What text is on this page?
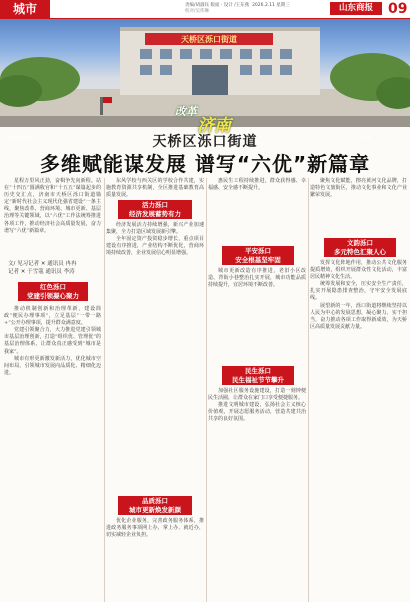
城市	责编/胡淑钰 版面 · 设计 /王东燕 2026.2.11 星期三
校对/吴伟琳	山东商报	09
天桥区泺口街道
泺口街道办事处	胡丁/摄
改革
济南
天桥区泺口街道
多维赋能谋发展 谱写“六优”新篇章

星程万里风正劲，奋楫争先向新程。站在“十四五”圆满收官和“十五五”谋篇起步的历史交汇点，济南市天桥区泺口街道锚定“新时代社会主义现代化强省建设”一条主线，聚焦改革、营商环境、城市更新、基层治理等关键领域，以“六优”工作法统筹推进各项工作，推动经济社会高质量发展，奋力谱写“六优”新篇章。

文/ 见习记者 ✕ 通讯员 冉冉
记者 ✕ 于雪蔻 通讯员 李涛
红色泺口
党建引领凝心聚力

推动机制创新和治理革新，建设简政“便民办理事项”，立足基层“一带一路+”公开办理事项，提升群众满意度。

党建引领聚合力，大力推进党建引领城市基层治理创新，打造“组织优、管理优”的基层治理体系，让群众真正感受到“城市是我家”。

城市有形更新激发新活力，优化城市空间布局，引领城市发展向品质化、精细化迈进。

东风学校与西关区的学校合作共建，实施教育资源共享机制，全区推进基础教育高质量发展。

活力泺口
经济发展蓄势有力

经济发展活力持续增强，新兴产业加速集聚，全力打造区域发展新引擎。

全年固定资产投资稳步增长，重点项目建设有序推进，产业结构不断优化，营商环境持续改善，企业发展信心明显增强。

品质泺口
城市更新焕发新颜

优化企业服务，完善政务服务体系，推进政务服务事项网上办、掌上办、就近办，切实减轻企业负担。

惠民生工程持续推进，群众获得感、幸福感、安全感不断提升。

平安泺口
安全根基坚牢固

城市更新改造有序推进，老旧小区改造、背街小巷整治扎实开展，城市功能品质持续提升，宜居环境不断改善。

民生泺口
民生福祉节节攀升

加强社区服务设施建设，打造一刻钟便民生活圈，让群众在家门口享受便捷服务。

推进文明城市建设，弘扬社会主义核心价值观，开展志愿服务活动，营造共建共治共享的良好氛围。

聚焦文化赋能，擦亮黄河文化品牌，打造特色文旅街区，推动文化事业和文化产业繁荣发展。

文韵泺口
多元特色汇聚人心

发挥文化阵地作用，推动公共文化服务提质增效，组织开展群众性文化活动，丰富居民精神文化生活。

统筹发展和安全，压实安全生产责任，扎实开展隐患排查整治，守牢安全发展底线。

展望新的一年，泺口街道将继续坚持以人民为中心的发展思想，凝心聚力、实干担当，奋力推动各项工作取得新成效，为天桥区高质量发展贡献力量。
